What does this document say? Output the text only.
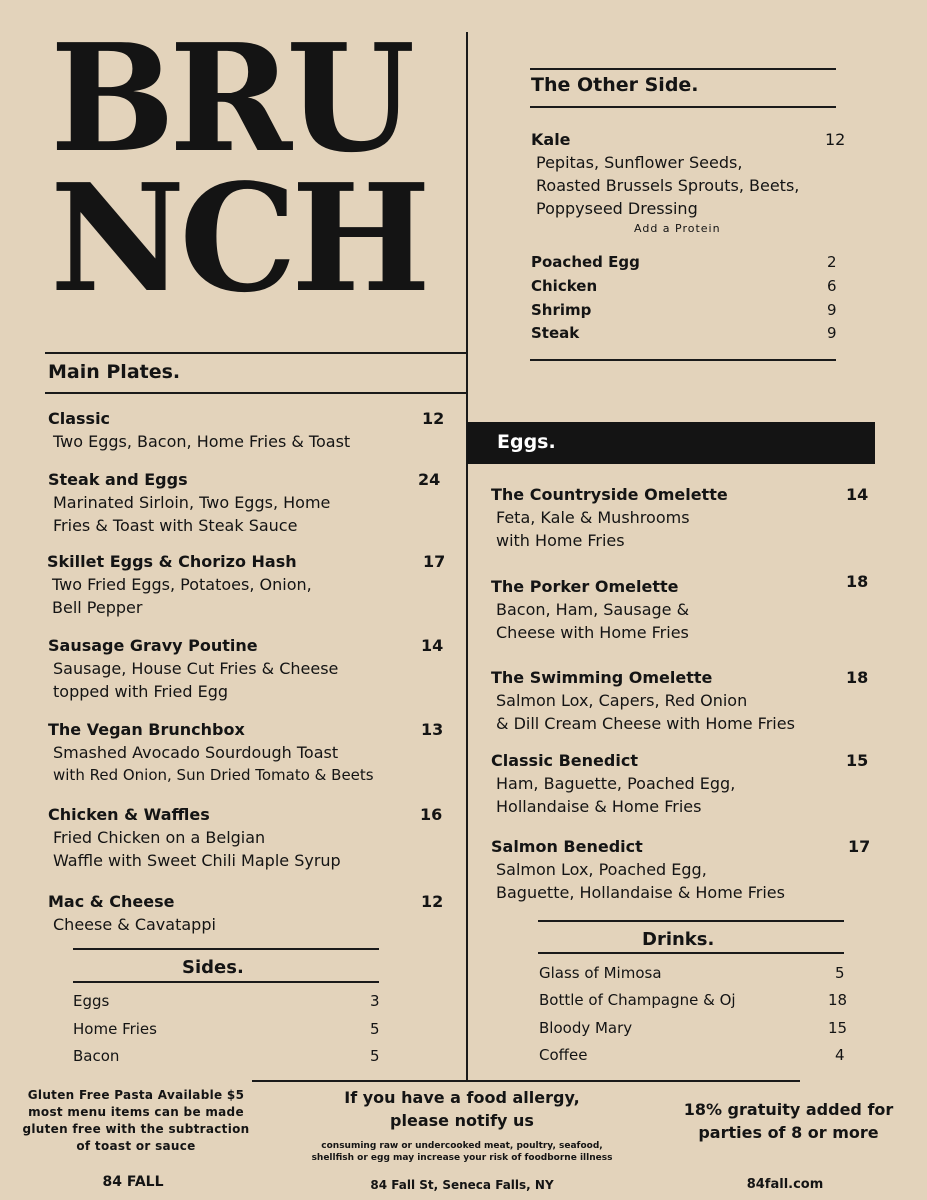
BRU
NCH
The Other Side.
Kale	12
Pepitas, Sunflower Seeds,
Roasted Brussels Sprouts, Beets,
Poppyseed Dressing
Add a Protein
Poached Egg	2
Chicken	6
Shrimp	9
Steak	9
Main Plates.
Classic	12
Two Eggs, Bacon, Home Fries & Toast
Steak and Eggs	24
Marinated Sirloin, Two Eggs, Home
Fries & Toast with Steak Sauce
Skillet Eggs & Chorizo Hash	17
Two Fried Eggs, Potatoes, Onion,
Bell Pepper
Sausage Gravy Poutine	14
Sausage, House Cut Fries & Cheese
topped with Fried Egg
The Vegan Brunchbox	13
Smashed Avocado Sourdough Toast
with Red Onion, Sun Dried Tomato & Beets
Chicken & Waffles	16
Fried Chicken on a Belgian
Waffle with Sweet Chili Maple Syrup
Mac & Cheese	12
Cheese & Cavatappi
Sides.
Eggs	3
Home Fries	5
Bacon	5
Eggs.
The Countryside Omelette	14
Feta, Kale & Mushrooms
with Home Fries
The Porker Omelette	18
Bacon, Ham, Sausage &
Cheese with Home Fries
The Swimming Omelette	18
Salmon Lox, Capers, Red Onion
& Dill Cream Cheese with Home Fries
Classic Benedict	15
Ham, Baguette, Poached Egg,
Hollandaise & Home Fries
Salmon Benedict	17
Salmon Lox, Poached Egg,
Baguette, Hollandaise & Home Fries
Drinks.
Glass of Mimosa	5
Bottle of Champagne & Oj	18
Bloody Mary	15
Coffee	4
Gluten Free Pasta Available $5
most menu items can be made
gluten free with the subtraction
of toast or sauce
If you have a food allergy,
please notify us
consuming raw or undercooked meat, poultry, seafood,
shellfish or egg may increase your risk of foodborne illness
18% gratuity added for
parties of 8 or more
84 FALL	84 Fall St, Seneca Falls, NY	84fall.com
